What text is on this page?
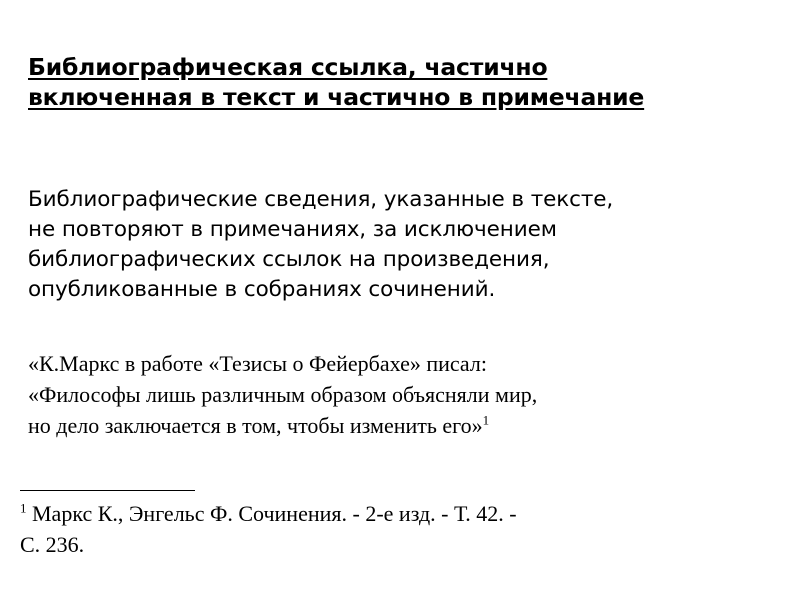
Библиографическая ссылка, частично
включенная в текст и частично в примечание
Библиографические сведения, указанные в тексте,
не повторяют в примечаниях, за исключением
библиографических ссылок на произведения,
опубликованные в собраниях сочинений.
«К.Маркс в работе «Тезисы о Фейербахе» писал:
«Философы лишь различным образом объясняли мир,
но дело заключается в том, чтобы изменить его»$^1$
$^1$ Маркс К., Энгельс Ф. Сочинения. - 2-е изд. - Т. 42. -
С. 236.
